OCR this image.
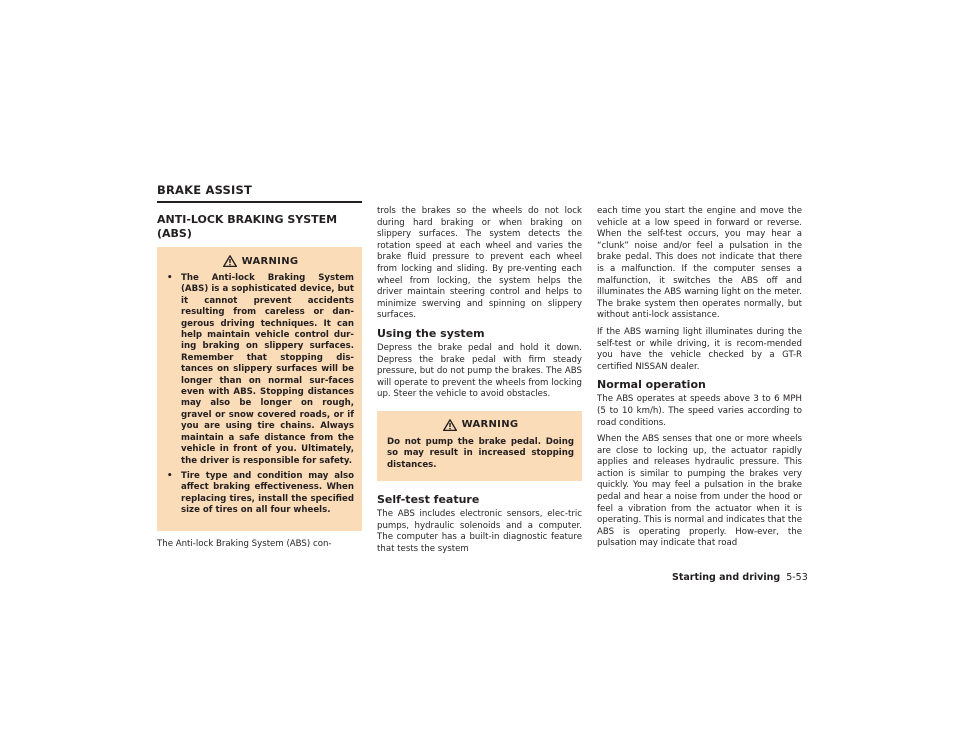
BRAKE ASSIST
ANTI-LOCK BRAKING SYSTEM (ABS)
WARNING
• The Anti-lock Braking System (ABS) is a sophisticated device, but it cannot prevent accidents resulting from careless or dan-gerous driving techniques. It can help maintain vehicle control dur-ing braking on slippery surfaces. Remember that stopping dis-tances on slippery surfaces will be longer than on normal sur-faces even with ABS. Stopping distances may also be longer on rough, gravel or snow covered roads, or if you are using tire chains. Always maintain a safe distance from the vehicle in front of you. Ultimately, the driver is responsible for safety.
• Tire type and condition may also affect braking effectiveness. When replacing tires, install the specified size of tires on all four wheels.

The Anti-lock Braking System (ABS) con-

trols the brakes so the wheels do not lock during hard braking or when braking on slippery surfaces. The system detects the rotation speed at each wheel and varies the brake fluid pressure to prevent each wheel from locking and sliding. By pre-venting each wheel from locking, the system helps the driver maintain steering control and helps to minimize swerving and spinning on slippery surfaces.

Using the system

Depress the brake pedal and hold it down. Depress the brake pedal with firm steady pressure, but do not pump the brakes. The ABS will operate to prevent the wheels from locking up. Steer the vehicle to avoid obstacles.

WARNING

Do not pump the brake pedal. Doing so may result in increased stopping distances.

Self-test feature

The ABS includes electronic sensors, elec-tric pumps, hydraulic solenoids and a computer. The computer has a built-in diagnostic feature that tests the system

each time you start the engine and move the vehicle at a low speed in forward or reverse. When the self-test occurs, you may hear a “clunk” noise and/or feel a pulsation in the brake pedal. This does not indicate that there is a malfunction. If the computer senses a malfunction, it switches the ABS off and illuminates the ABS warning light on the meter. The brake system then operates normally, but without anti-lock assistance.

If the ABS warning light illuminates during the self-test or while driving, it is recom-mended you have the vehicle checked by a GT-R certified NISSAN dealer.

Normal operation

The ABS operates at speeds above 3 to 6 MPH (5 to 10 km/h). The speed varies according to road conditions.

When the ABS senses that one or more wheels are close to locking up, the actuator rapidly applies and releases hydraulic pressure. This action is similar to pumping the brakes very quickly. You may feel a pulsation in the brake pedal and hear a noise from under the hood or feel a vibration from the actuator when it is operating. This is normal and indicates that the ABS is operating properly. How-ever, the pulsation may indicate that road

Starting and driving 5-53
